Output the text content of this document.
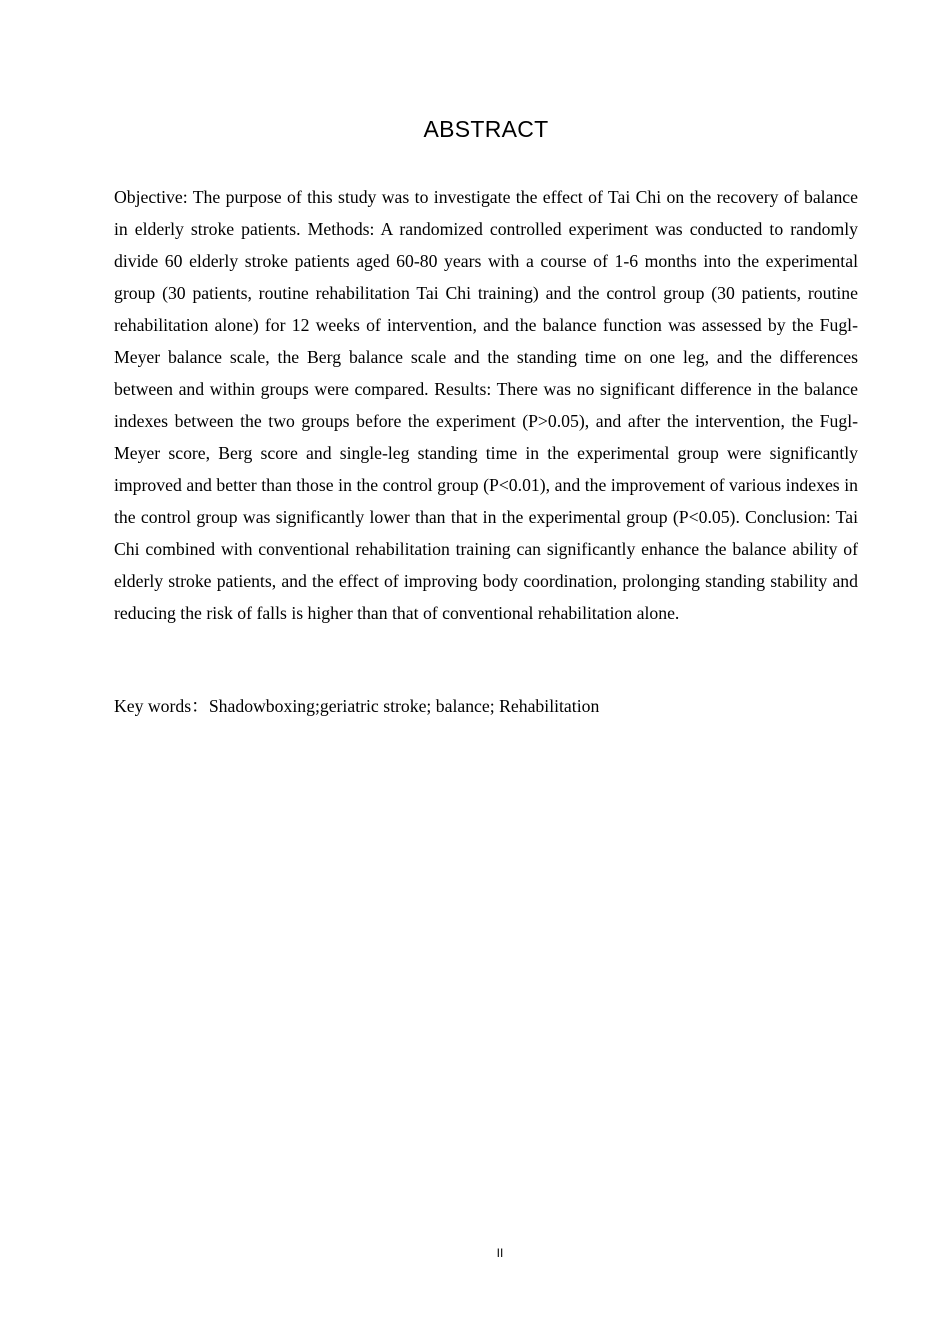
ABSTRACT

Objective: The purpose of this study was to investigate the effect of Tai Chi on the recovery of balance in elderly stroke patients. Methods: A randomized controlled experiment was conducted to randomly divide 60 elderly stroke patients aged 60-80 years with a course of 1-6 months into the experimental group (30 patients, routine rehabilitation Tai Chi training) and the control group (30 patients, routine rehabilitation alone) for 12 weeks of intervention, and the balance function was assessed by the Fugl-Meyer balance scale, the Berg balance scale and the standing time on one leg, and the differences between and within groups were compared. Results: There was no significant difference in the balance indexes between the two groups before the experiment (P>0.05), and after the intervention, the Fugl-Meyer score, Berg score and single-leg standing time in the experimental group were significantly improved and better than those in the control group (P<0.01), and the improvement of various indexes in the control group was significantly lower than that in the experimental group (P<0.05). Conclusion: Tai Chi combined with conventional rehabilitation training can significantly enhance the balance ability of elderly stroke patients, and the effect of improving body coordination, prolonging standing stability and reducing the risk of falls is higher than that of conventional rehabilitation alone.

Key words：Shadowboxing;geriatric stroke; balance; Rehabilitation
II
